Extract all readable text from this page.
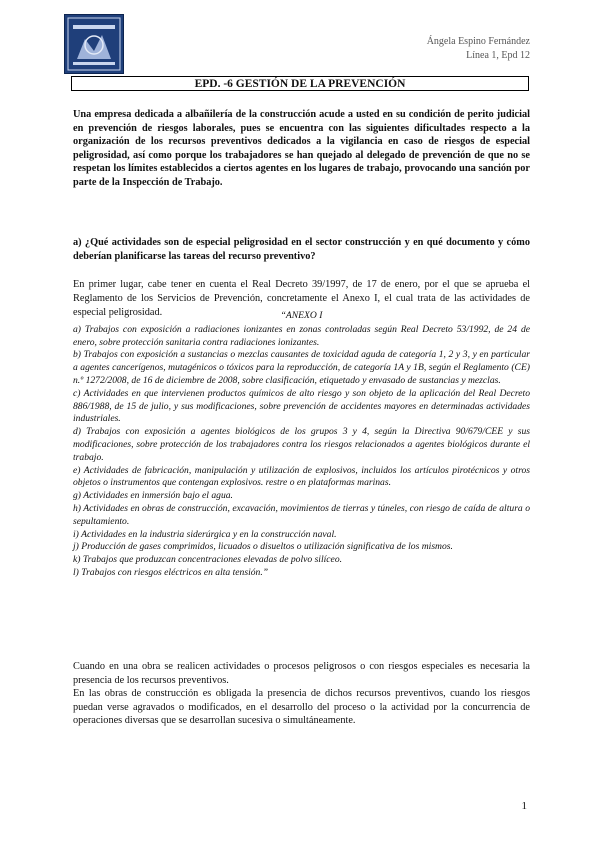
Ángela Espino Fernández
Línea 1, Epd 12
EPD. -6 GESTIÓN DE LA PREVENCIÓN

Una empresa dedicada a albañilería de la construcción acude a usted en su condición de perito judicial en prevención de riesgos laborales, pues se encuentra con las siguientes dificultades respecto a la organización de los recursos preventivos dedicados a la vigilancia en caso de riesgos de especial peligrosidad, así como porque los trabajadores se han quejado al delegado de prevención de que no se respetan los límites establecidos a ciertos agentes en los lugares de trabajo, provocando una sanción por parte de la Inspección de Trabajo.

a) ¿Qué actividades son de especial peligrosidad en el sector construcción y en qué documento y cómo deberían planificarse las tareas del recurso preventivo?

En primer lugar, cabe tener en cuenta el Real Decreto 39/1997, de 17 de enero, por el que se aprueba el Reglamento de los Servicios de Prevención, concretamente el Anexo I, el cual trata de las actividades de especial peligrosidad.	“ANEXO I

a) Trabajos con exposición a radiaciones ionizantes en zonas controladas según Real Decreto 53/1992, de 24 de enero, sobre protección sanitaria contra radiaciones ionizantes.

b) Trabajos con exposición a sustancias o mezclas causantes de toxicidad aguda de categoría 1, 2 y 3, y en particular a agentes cancerígenos, mutagénicos o tóxicos para la reproducción, de categoría 1A y 1B, según el Reglamento (CE) n.º 1272/2008, de 16 de diciembre de 2008, sobre clasificación, etiquetado y envasado de sustancias y mezclas.

c) Actividades en que intervienen productos químicos de alto riesgo y son objeto de la aplicación del Real Decreto 886/1988, de 15 de julio, y sus modificaciones, sobre prevención de accidentes mayores en determinadas actividades industriales.

d) Trabajos con exposición a agentes biológicos de los grupos 3 y 4, según la Directiva 90/679/CEE y sus modificaciones, sobre protección de los trabajadores contra los riesgos relacionados a agentes biológicos durante el trabajo.

e) Actividades de fabricación, manipulación y utilización de explosivos, incluidos los artículos pirotécnicos y otros objetos o instrumentos que contengan explosivos. restre o en plataformas marinas.

g) Actividades en inmersión bajo el agua.

h) Actividades en obras de construcción, excavación, movimientos de tierras y túneles, con riesgo de caída de altura o sepultamiento.

i) Actividades en la industria siderúrgica y en la construcción naval.

j) Producción de gases comprimidos, licuados o disueltos o utilización significativa de los mismos.

k) Trabajos que produzcan concentraciones elevadas de polvo silíceo.

l) Trabajos con riesgos eléctricos en alta tensión.”

Cuando en una obra se realicen actividades o procesos peligrosos o con riesgos especiales es necesaria la presencia de los recursos preventivos.

En las obras de construcción es obligada la presencia de dichos recursos preventivos, cuando los riesgos puedan verse agravados o modificados, en el desarrollo del proceso o la actividad por la concurrencia de operaciones diversas que se desarrollan sucesiva o simultáneamente.

1
